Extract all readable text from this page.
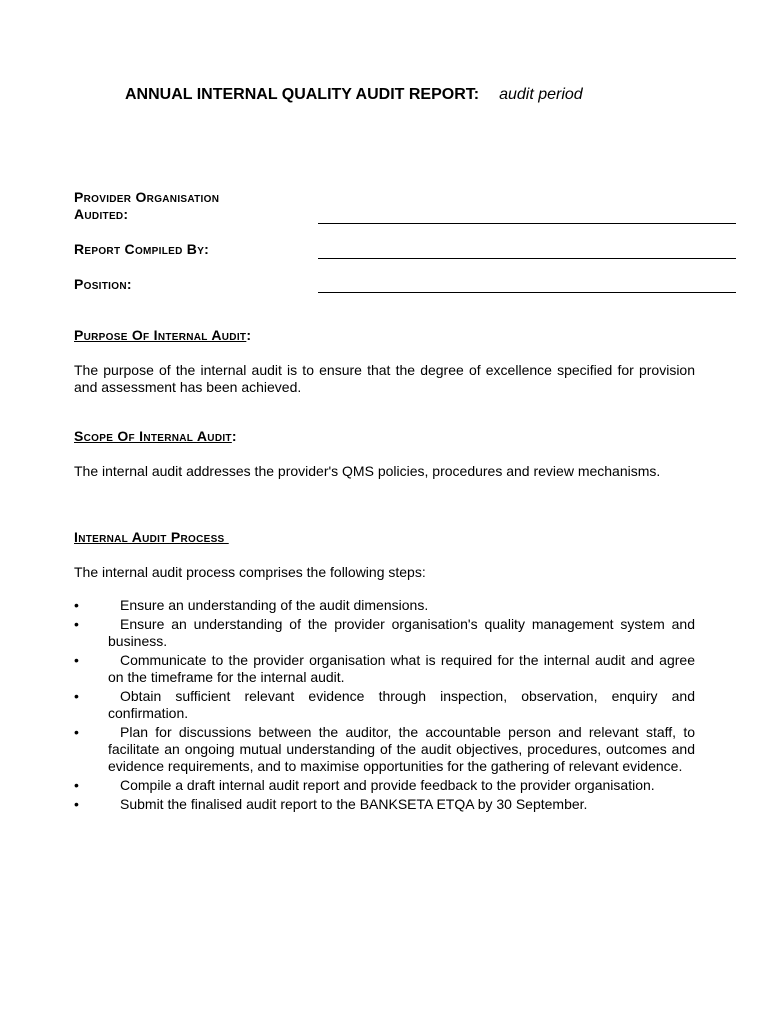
ANNUAL INTERNAL QUALITY AUDIT REPORT: audit period
Provider Organisation
Audited:
Report Compiled By:
Position:
Purpose Of Internal Audit:
The purpose of the internal audit is to ensure that the degree of excellence specified for provision and assessment has been achieved.
Scope Of Internal Audit:
The internal audit addresses the provider's QMS policies, procedures and review mechanisms.
Internal Audit Process
The internal audit process comprises the following steps:
•	Ensure an understanding of the audit dimensions.
•	Ensure an understanding of the provider organisation's quality management system and business.
•	Communicate to the provider organisation what is required for the internal audit and agree on the timeframe for the internal audit.
•	Obtain sufficient relevant evidence through inspection, observation, enquiry and confirmation.
•	Plan for discussions between the auditor, the accountable person and relevant staff, to facilitate an ongoing mutual understanding of the audit objectives, procedures, outcomes and evidence requirements, and to maximise opportunities for the gathering of relevant evidence.
•	Compile a draft internal audit report and provide feedback to the provider organisation.
•	Submit the finalised audit report to the BANKSETA ETQA by 30 September.
